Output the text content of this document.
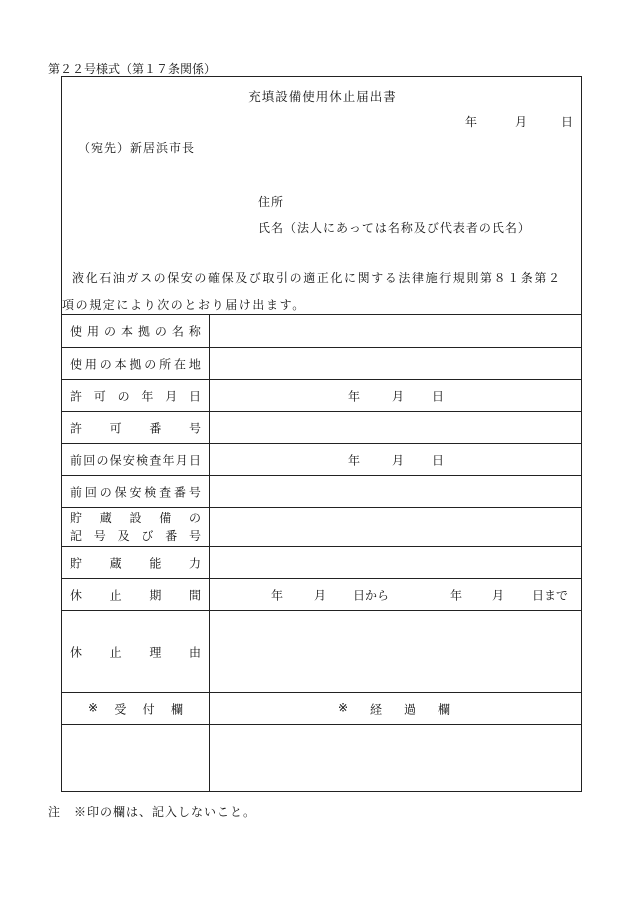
第２２号様式（第１７条関係）
充填設備使用休止届出書
年	月	日
（宛先）新居浜市長
住所
氏名（法人にあっては名称及び代表者の氏名）
液化石油ガスの保安の確保及び取引の適正化に関する法律施行規則第８１条第２
項の規定により次のとおり届け出ます。
使 用 の 本 拠 の 名 称
使 用 の 本 拠 の 所 在 地
許 可 の 年 月 日	年	月 日
許 可 番 号
前 回 の 保 安 検 査 年 月 日	年	月 日
前 回 の 保 安 検 査 番 号
貯 蔵 設 備 の
記 号 及 び 番 号
貯 蔵 能 力
休 止 期 間	年	月 日から	年 月 日まで
休 止 理 由
※ 受 付 欄	※ 経 過 欄
注　※印の欄は、記入しないこと。
